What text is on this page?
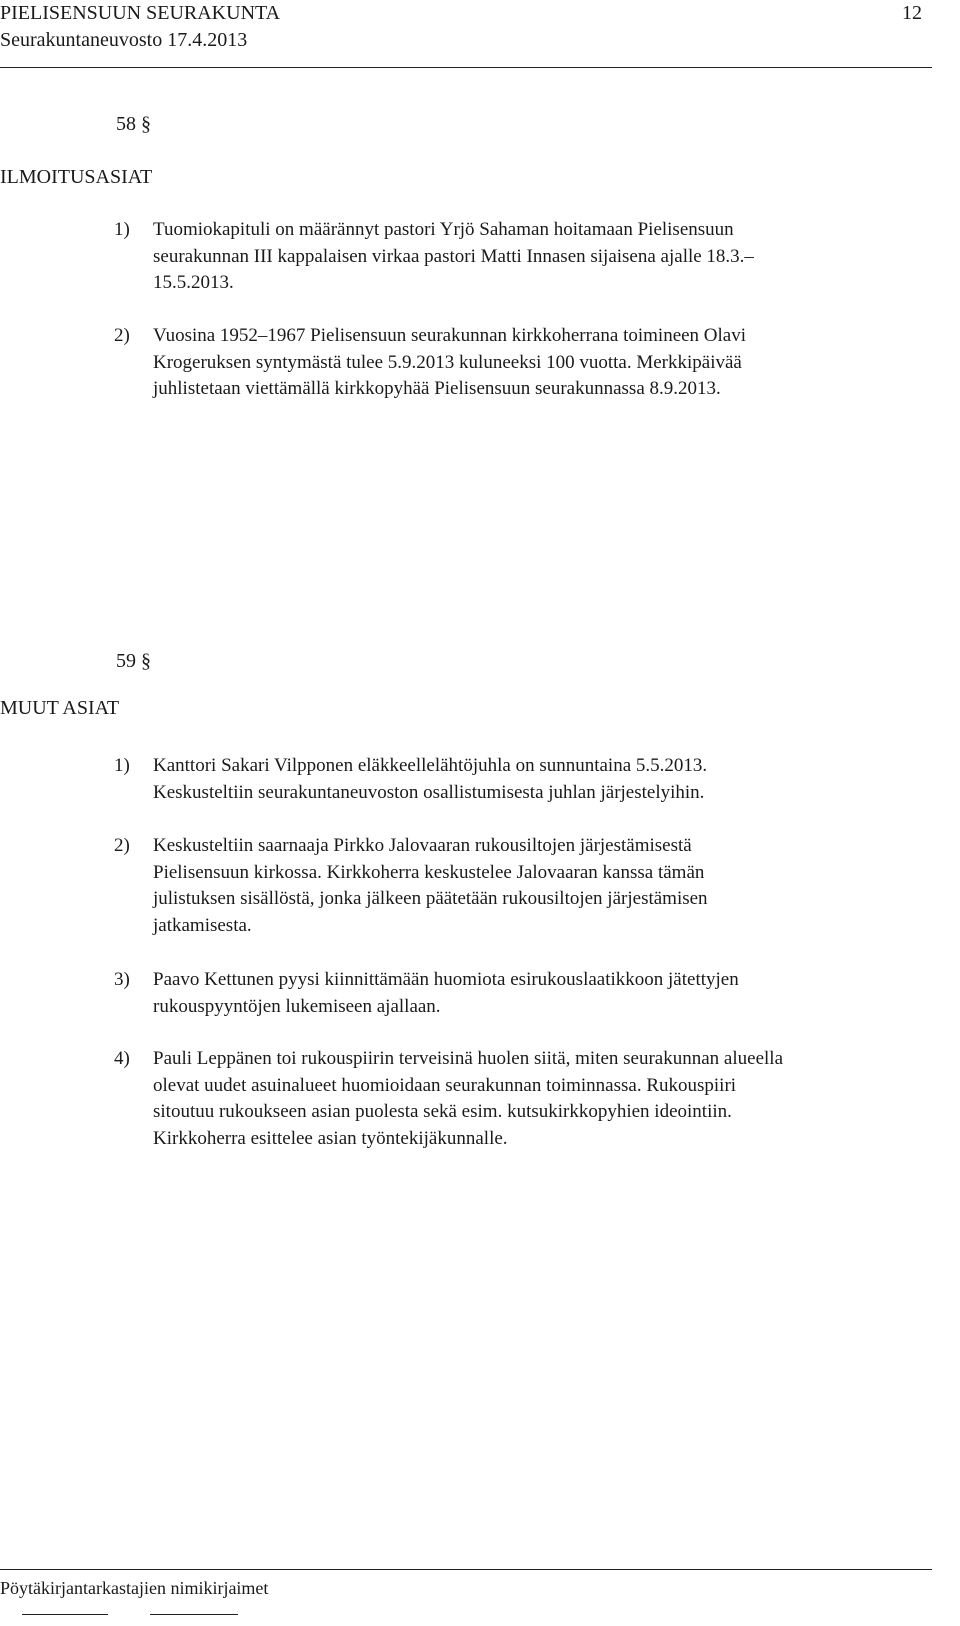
PIELISENSUUN SEURAKUNTA
Seurakuntaneuvosto 17.4.2013
12
58 §
ILMOITUSASIAT
1) Tuomiokapituli on määrännyt pastori Yrjö Sahaman hoitamaan Pielisensuun
seurakunnan III kappalaisen virkaa pastori Matti Innasen sijaisena ajalle 18.3.–
15.5.2013.
2) Vuosina 1952–1967 Pielisensuun seurakunnan kirkkoherrana toimineen Olavi
Krogeruksen syntymästä tulee 5.9.2013 kuluneeksi 100 vuotta. Merkkipäivää
juhlistetaan viettämällä kirkkopyhää Pielisensuun seurakunnassa 8.9.2013.
59 §
MUUT ASIAT
1) Kanttori Sakari Vilpponen eläkkeellelähtöjuhla on sunnuntaina 5.5.2013.
Keskusteltiin seurakuntaneuvoston osallistumisesta juhlan järjestelyihin.
2) Keskusteltiin saarnaaja Pirkko Jalovaaran rukousiltojen järjestämisestä
Pielisensuun kirkossa. Kirkkoherra keskustelee Jalovaaran kanssa tämän
julistuksen sisällöstä, jonka jälkeen päätetään rukousiltojen järjestämisen
jatkamisesta.
3) Paavo Kettunen pyysi kiinnittämään huomiota esirukouslaatikkoon jätettyjen
rukouspyyntöjen lukemiseen ajallaan.
4) Pauli Leppänen toi rukouspiirin terveisinä huolen siitä, miten seurakunnan alueella
olevat uudet asuinalueet huomioidaan seurakunnan toiminnassa. Rukouspiiri
sitoutuu rukoukseen asian puolesta sekä esim. kutsukirkkopyhien ideointiin.
Kirkkoherra esittelee asian työntekijäkunnalle.
Pöytäkirjantarkastajien nimikirjaimet
